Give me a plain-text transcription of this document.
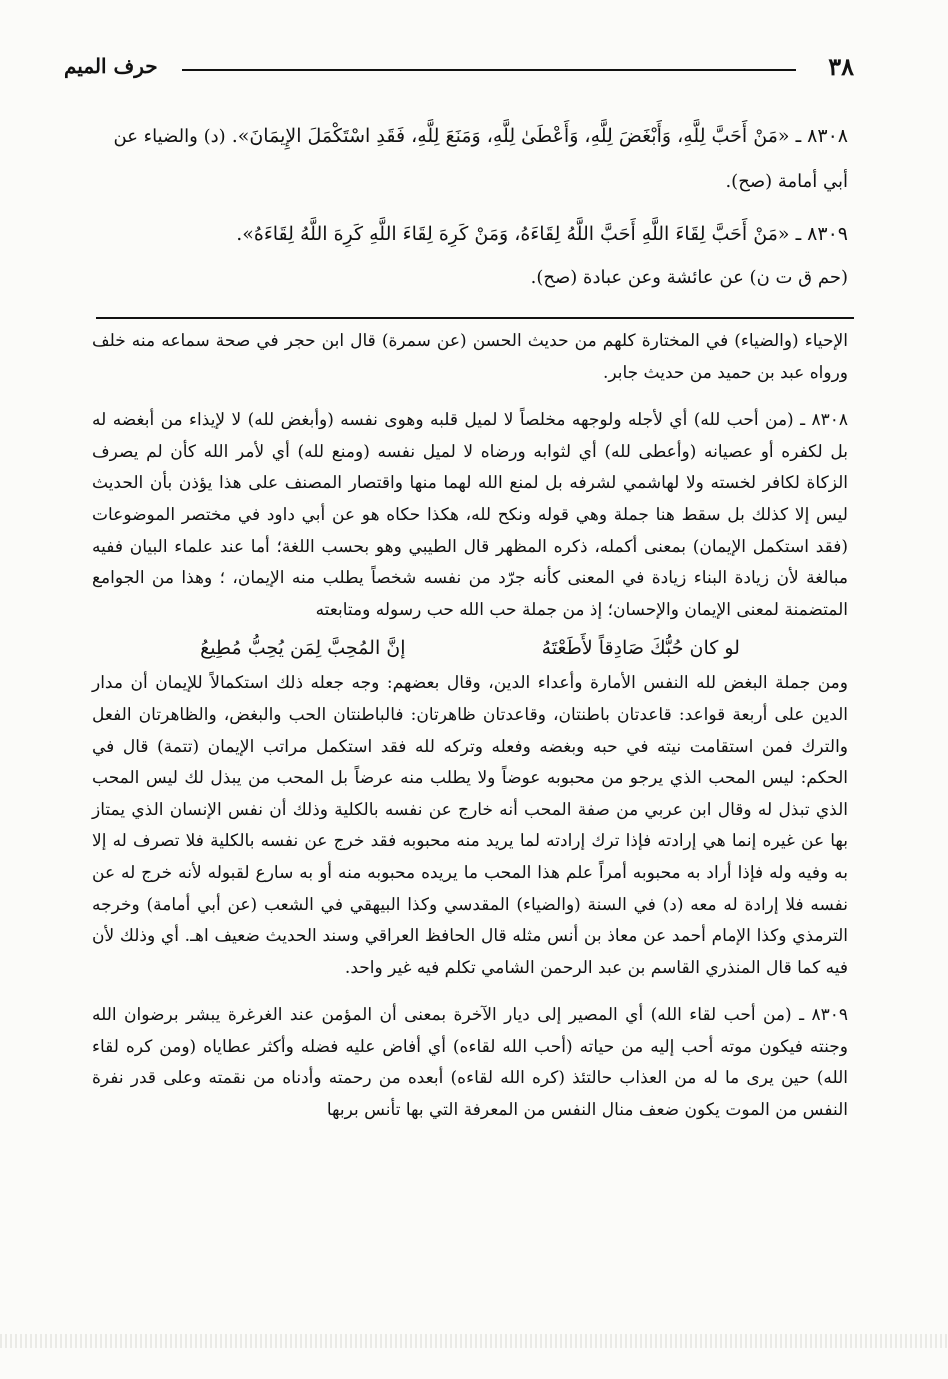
٣٨
حرف الميم
٨٣٠٨ ـ «مَنْ أَحَبَّ لِلَّهِ، وَأَبْغَضَ لِلَّهِ، وَأَعْطَىٰ لِلَّهِ، وَمَنَعَ لِلَّهِ، فَقَدِ اسْتَكْمَلَ الإِيمَانَ». (د) والضياء عن أبي أمامة (صح).
٨٣٠٩ ـ «مَنْ أَحَبَّ لِقَاءَ اللَّهِ أَحَبَّ اللَّهُ لِقَاءَهُ، وَمَنْ كَرِهَ لِقَاءَ اللَّهِ كَرِهَ اللَّهُ لِقَاءَهُ».
(حم ق ت ن) عن عائشة وعن عبادة (صح).

الإحياء (والضياء) في المختارة كلهم من حديث الحسن (عن سمرة) قال ابن حجر في صحة سماعه منه خلف ورواه عبد بن حميد من حديث جابر.

٨٣٠٨ ـ (من أحب لله) أي لأجله ولوجهه مخلصاً لا لميل قلبه وهوى نفسه (وأبغض لله) لا لإيذاء من أبغضه له بل لكفره أو عصيانه (وأعطى لله) أي لثوابه ورضاه لا لميل نفسه (ومنع لله) أي لأمر الله كأن لم يصرف الزكاة لكافر لخسته ولا لهاشمي لشرفه بل لمنع الله لهما منها واقتصار المصنف على هذا يؤذن بأن الحديث ليس إلا كذلك بل سقط هنا جملة وهي قوله ونكح لله، هكذا حكاه هو عن أبي داود في مختصر الموضوعات (فقد استكمل الإيمان) بمعنى أكمله، ذكره المظهر قال الطيبي وهو بحسب اللغة؛ أما عند علماء البيان ففيه مبالغة لأن زيادة البناء زيادة في المعنى كأنه جرّد من نفسه شخصاً يطلب منه الإيمان، ؛ وهذا من الجوامع المتضمنة لمعنى الإيمان والإحسان؛ إذ من جملة حب الله حب رسوله ومتابعته

لو كان حُبُّكَ صَادِقاً لأَطَعْتَهُ
إنَّ المُحِبَّ لِمَن يُحِبُّ مُطِيعُ

ومن جملة البغض لله النفس الأمارة وأعداء الدين، وقال بعضهم: وجه جعله ذلك استكمالاً للإيمان أن مدار الدين على أربعة قواعد: قاعدتان باطنتان، وقاعدتان ظاهرتان: فالباطنتان الحب والبغض، والظاهرتان الفعل والترك فمن استقامت نيته في حبه وبغضه وفعله وتركه لله فقد استكمل مراتب الإيمان (تتمة) قال في الحكم: ليس المحب الذي يرجو من محبوبه عوضاً ولا يطلب منه عرضاً بل المحب من يبذل لك ليس المحب الذي تبذل له وقال ابن عربي من صفة المحب أنه خارج عن نفسه بالكلية وذلك أن نفس الإنسان الذي يمتاز بها عن غيره إنما هي إرادته فإذا ترك إرادته لما يريد منه محبوبه فقد خرج عن نفسه بالكلية فلا تصرف له إلا به وفيه وله فإذا أراد به محبوبه أمراً علم هذا المحب ما يريده محبوبه منه أو به سارع لقبوله لأنه خرج له عن نفسه فلا إرادة له معه (د) في السنة (والضياء) المقدسي وكذا البيهقي في الشعب (عن أبي أمامة) وخرجه الترمذي وكذا الإمام أحمد عن معاذ بن أنس مثله قال الحافظ العراقي وسند الحديث ضعيف اهـ. أي وذلك لأن فيه كما قال المنذري القاسم بن عبد الرحمن الشامي تكلم فيه غير واحد.

٨٣٠٩ ـ (من أحب لقاء الله) أي المصير إلى ديار الآخرة بمعنى أن المؤمن عند الغرغرة يبشر برضوان الله وجنته فيكون موته أحب إليه من حياته (أحب الله لقاءه) أي أفاض عليه فضله وأكثر عطاياه (ومن كره لقاء الله) حين يرى ما له من العذاب حالتئذ (كره الله لقاءه) أبعده من رحمته وأدناه من نقمته وعلى قدر نفرة النفس من الموت يكون ضعف منال النفس من المعرفة التي بها تأنس بربها
